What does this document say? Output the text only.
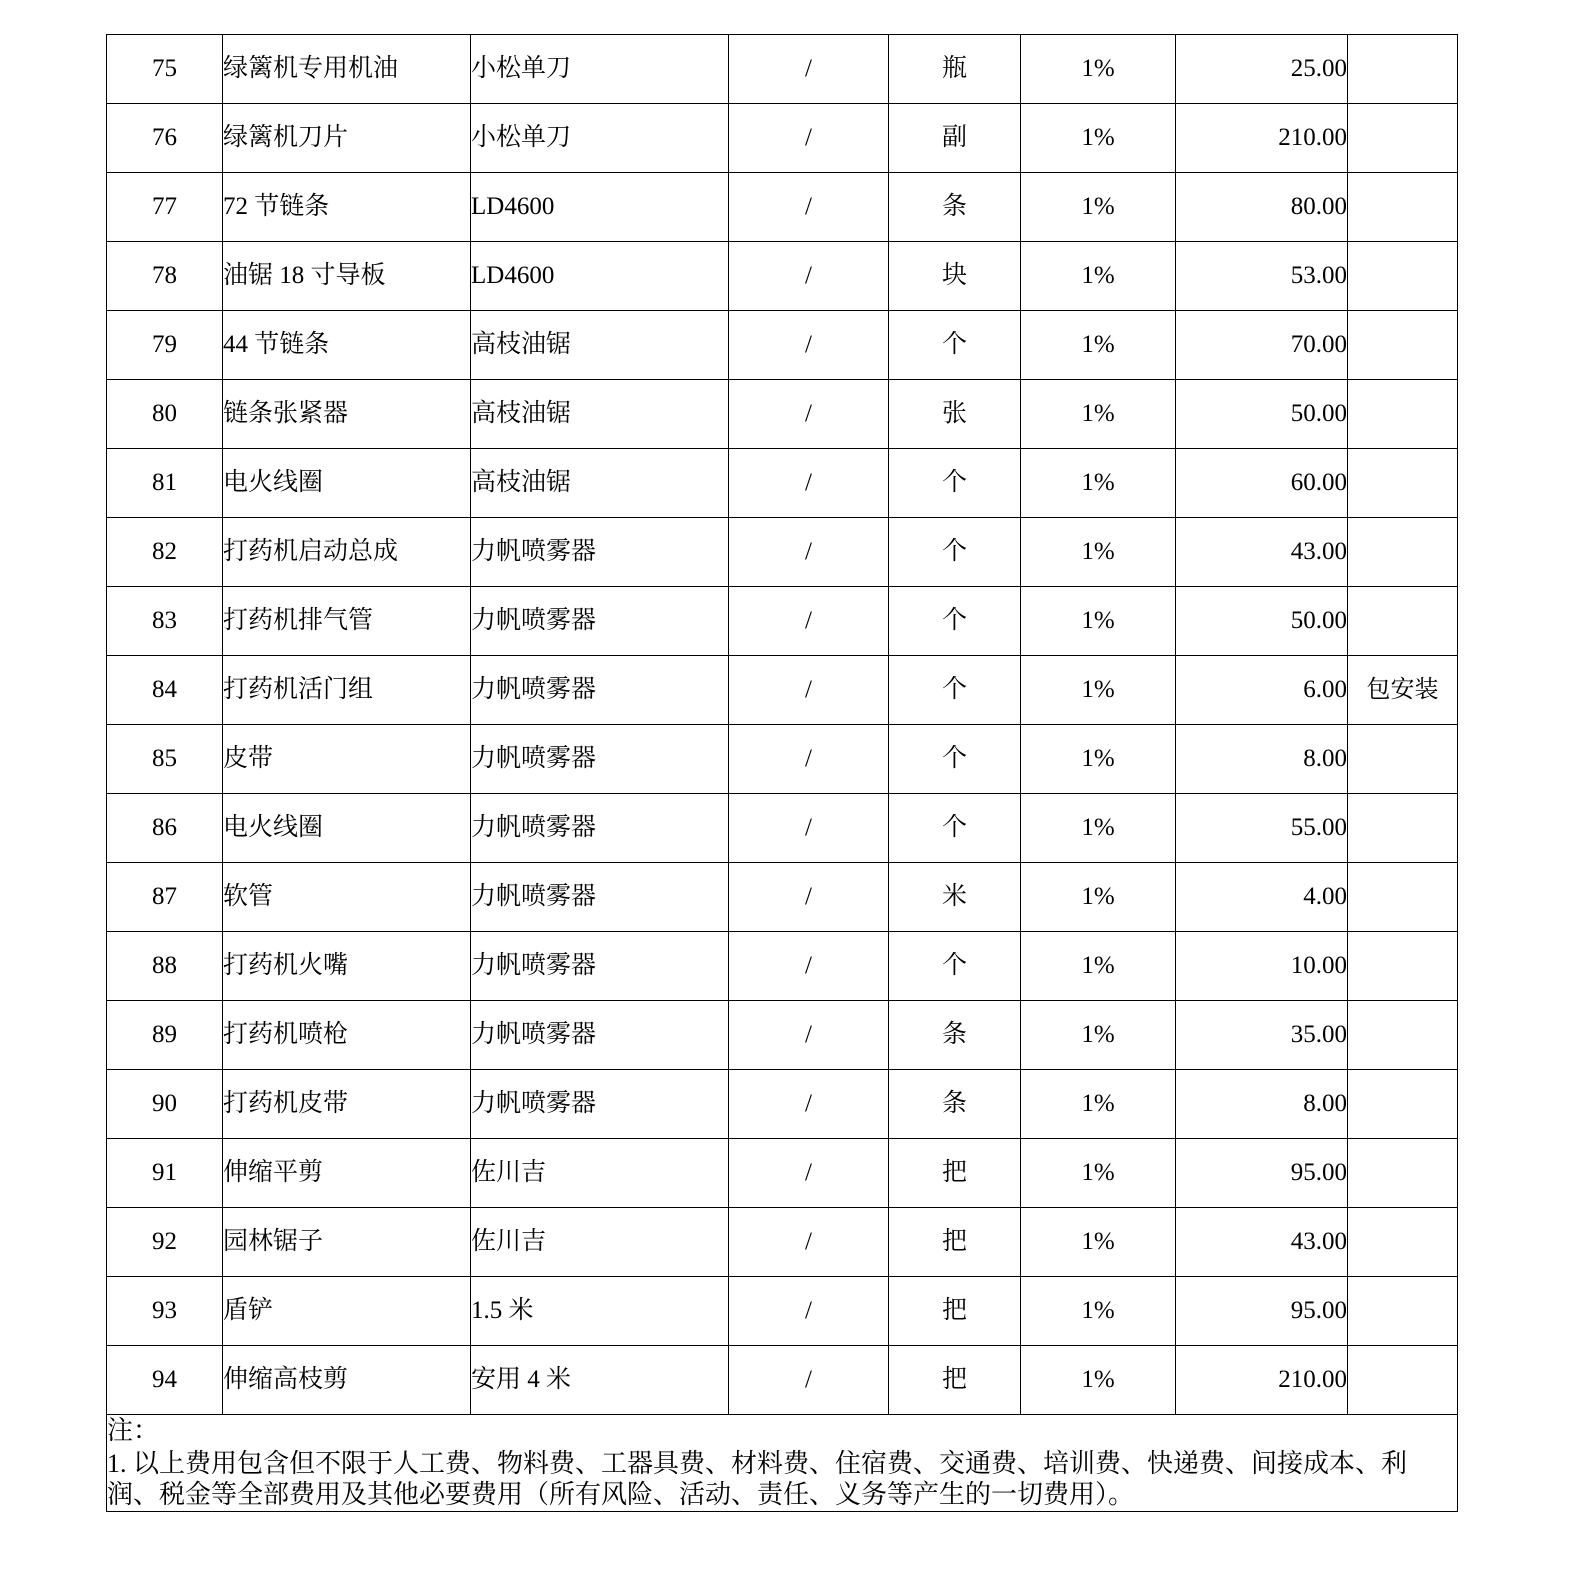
75	绿篱机专用机油	小松单刀	/	瓶	1%	25.00	
76	绿篱机刀片	小松单刀	/	副	1%	210.00	
77	72 节链条	LD4600	/	条	1%	80.00	
78	油锯 18 寸导板	LD4600	/	块	1%	53.00	
79	44 节链条	高枝油锯	/	个	1%	70.00	
80	链条张紧器	高枝油锯	/	张	1%	50.00	
81	电火线圈	高枝油锯	/	个	1%	60.00	
82	打药机启动总成	力帆喷雾器	/	个	1%	43.00	
83	打药机排气管	力帆喷雾器	/	个	1%	50.00	
84	打药机活门组	力帆喷雾器	/	个	1%	6.00	包安装
85	皮带	力帆喷雾器	/	个	1%	8.00	
86	电火线圈	力帆喷雾器	/	个	1%	55.00	
87	软管	力帆喷雾器	/	米	1%	4.00	
88	打药机火嘴	力帆喷雾器	/	个	1%	10.00	
89	打药机喷枪	力帆喷雾器	/	条	1%	35.00	
90	打药机皮带	力帆喷雾器	/	条	1%	8.00	
91	伸缩平剪	佐川吉	/	把	1%	95.00	
92	园林锯子	佐川吉	/	把	1%	43.00	
93	盾铲	1.5 米	/	把	1%	95.00	
94	伸缩高枝剪	安用 4 米	/	把	1%	210.00	

注：

1. 以上费用包含但不限于人工费、物料费、工器具费、材料费、住宿费、交通费、培训费、快递费、间接成本、利润、税金等全部费用及其他必要费用（所有风险、活动、责任、义务等产生的一切费用）。							
